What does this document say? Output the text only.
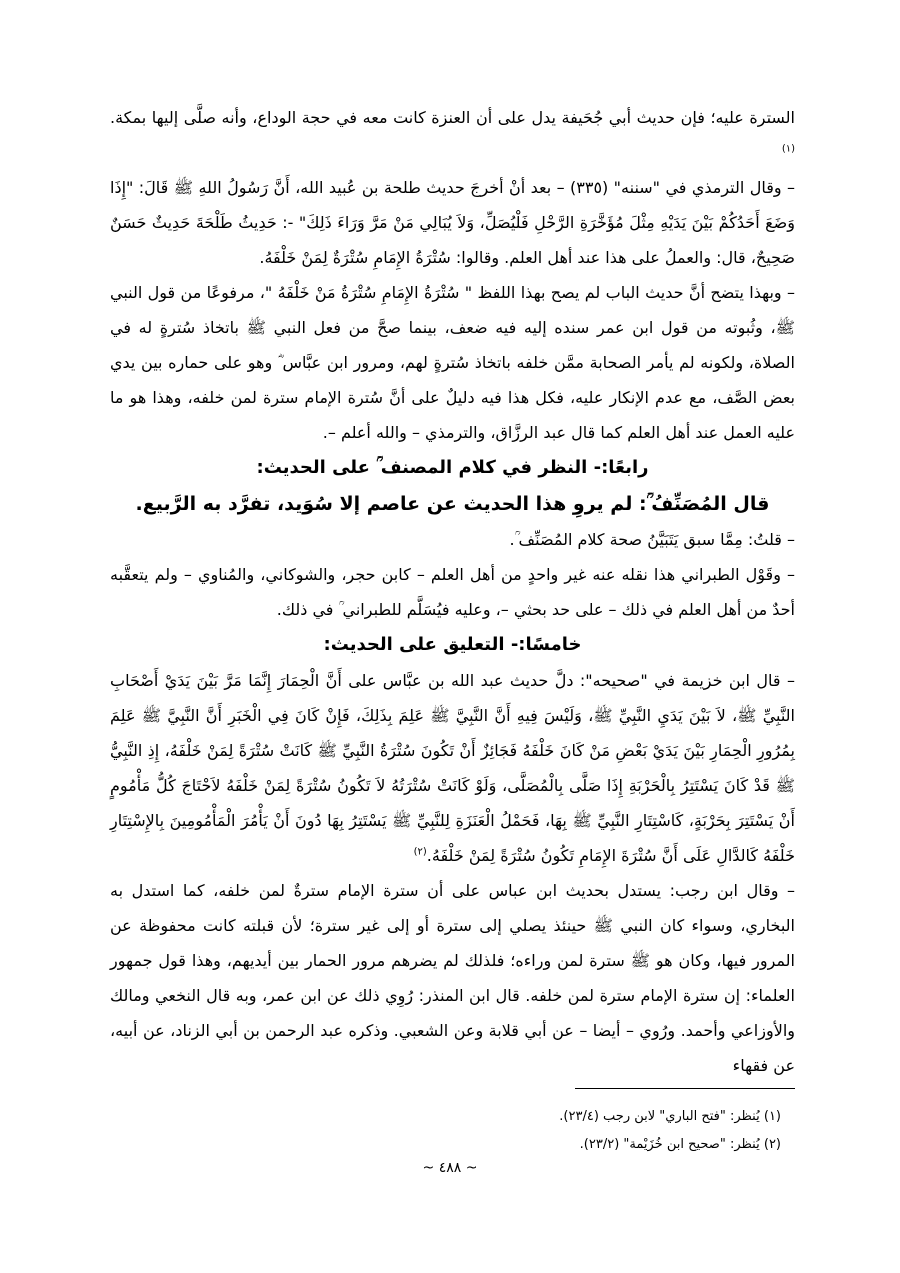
السترة عليه؛ فإن حديث أبي جُحَيفة يدل على أن العنزة كانت معه في حجة الوداع، وأنه صلَّى إليها بمكة.$^{(١)}$

– وقال الترمذي في "سننه" (٣٣٥) – بعد أنْ أخرجَ حديث طلحة بن عُبيد الله، أَنَّ رَسُولُ اللهِ ﷺ قَالَ: "إِذَا وَضَعَ أَحَدُكُمْ بَيْنَ يَدَيْهِ مِثْلَ مُؤَخَّرَةِ الرَّحْلِ فَلْيُصَلِّ، وَلاَ يُبَالِي مَنْ مَرَّ وَرَاءَ ذَلِكَ" -: حَدِيثُ طَلْحَةَ حَدِيثٌ حَسَنٌ صَحِيحٌ، قال: والعملُ على هذا عند أهل العلم. وقالوا: سُتْرَةُ الإِمَامِ سُتْرَةٌ لِمَنْ خَلْفَهُ.

– وبهذا يتضح أنَّ حديث الباب لم يصح بهذا اللفظ " سُتْرَةُ الإِمَامِ سُتْرَةُ مَنْ خَلْفَهُ "، مرفوعًا من قول النبي ﷺ، وثُبوته من قول ابن عمر سنده إليه فيه ضعف، بينما صحَّ من فعل النبي ﷺ باتخاذ سُترةٍ له في الصلاة، ولكونه لم يأمر الصحابة ممَّن خلفه باتخاذ سُترةٍ لهم، ومرور ابن عبَّاس ؓ وهو على حماره بين يدي بعض الصَّف، مع عدم الإنكار عليه، فكل هذا فيه دليلٌ على أنَّ سُترة الإمام سترة لمن خلفه، وهذا هو ما عليه العمل عند أهل العلم كما قال عبد الرزَّاق، والترمذي – والله أعلم –.

رابعًا:- النظر في كلام المصنف ؒ على الحديث:

قال المُصَنِّفُ ؒ: لم يروِ هذا الحديث عن عاصم إلا سُوَيد، تفرَّد به الرَّبيع.

– قلتُ: مِمَّا سبق يَتَبَيَّنُ صحة كلام المُصَنِّف ؒ.

– وقَوْل الطبراني هذا نقله عنه غير واحدٍ من أهل العلم – كابن حجر، والشوكاني، والمُناوي – ولم يتعقَّبه أحدٌ من أهل العلم في ذلك – على حد بحثي –، وعليه فيُسَلَّم للطبراني ؒ في ذلك.

خامسًا:- التعليق على الحديث:

– قال ابن خزيمة في "صحيحه": دلَّ حديث عبد الله بن عبَّاس على أَنَّ الْحِمَارَ إِنَّمَا مَرَّ بَيْنَ يَدَيْ أَصْحَابِ النَّبِيِّ ﷺ، لاَ بَيْنَ يَدَيِ النَّبِيِّ ﷺ، وَلَيْسَ فِيهِ أَنَّ النَّبِيَّ ﷺ عَلِمَ بِذَلِكَ، فَإِنْ كَانَ فِي الْخَبَرِ أَنَّ النَّبِيَّ ﷺ عَلِمَ بِمُرُورِ الْحِمَارِ بَيْنَ يَدَيْ بَعْضِ مَنْ كَانَ خَلْفَهُ فَجَائِزٌ أَنْ تَكُونَ سُتْرَةُ النَّبِيِّ ﷺ كَانَتْ سُتْرَةً لِمَنْ خَلْفَهُ، إِذِ النَّبِيُّ ﷺ قَدْ كَانَ يَسْتَتِرُ بِالْحَرْبَةِ إِذَا صَلَّى بِالْمُصَلَّى، وَلَوْ كَانَتْ سُتْرَتُهُ لاَ تَكُونُ سُتْرَةً لِمَنْ خَلْفَهُ لاَحْتَاجَ كُلُّ مَأْمُومٍ أَنْ يَسْتَتِرَ بِحَرْبَةٍ، كَاسْتِتَارِ النَّبِيِّ ﷺ بِهَا، فَحَمْلُ الْعَنَزَةِ لِلنَّبِيِّ ﷺ يَسْتَتِرُ بِهَا دُونَ أَنْ يَأْمُرَ الْمَأْمُومِينَ بِالإِسْتِتَارِ خَلْفَهُ كَالدَّالِ عَلَى أَنَّ سُتْرَةَ الإِمَامِ تَكُونُ سُتْرَةً لِمَنْ خَلْفَهُ.$^{(٢)}$

– وقال ابن رجب: يستدل بحديث ابن عباس على أن سترة الإمام سترةٌ لمن خلفه، كما استدل به البخاري، وسواء كان النبي ﷺ حينئذ يصلي إلى سترة أو إلى غير سترة؛ لأن قبلته كانت محفوظة عن المرور فيها، وكان هو ﷺ سترة لمن وراءه؛ فلذلك لم يضرهم مرور الحمار بين أيديهم، وهذا قول جمهور العلماء: إن سترة الإمام سترة لمن خلفه. قال ابن المنذر: رُوِي ذلك عن ابن عمر، وبه قال النخعي ومالك والأوزاعي وأحمد. ورُوي – أيضا – عن أبي قلابة وعن الشعبي. وذكره عبد الرحمن بن أبي الزناد، عن أبيه، عن فقهاء

(١) يُنظر: "فتح الباري" لابن رجب (٢٣/٤).

(٢) يُنظر: "صحيح ابن خُزَيْمة" (٢٣/٢).

~ ٤٨٨ ~
